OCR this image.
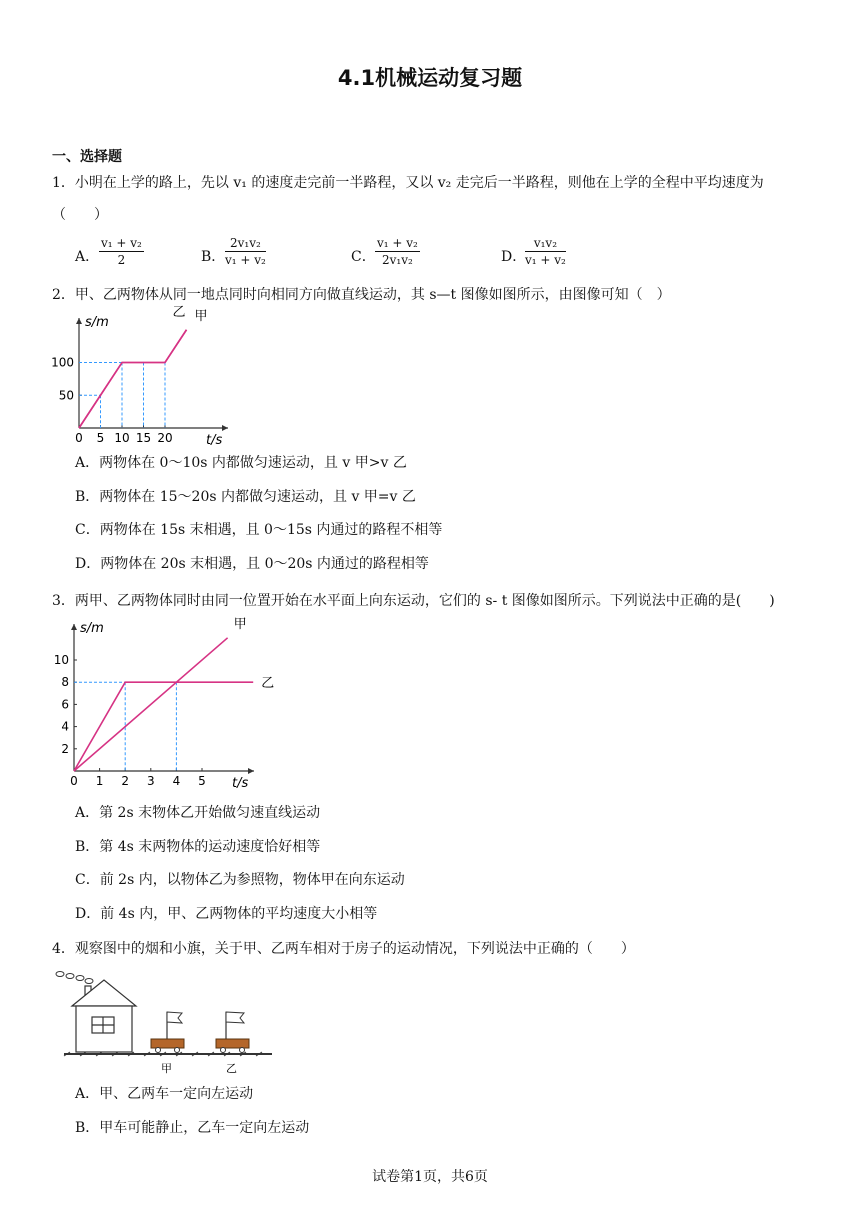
4.1机械运动复习题
一、选择题
1．小明在上学的路上，先以 v₁ 的速度走完前一半路程，又以 v₂ 走完后一半路程，则他在上学的全程中平均速度为
（　　）
A． $\frac{\text{v₁ + v₂}}{2}$	B． $\frac{\text{2v₁v₂}}{\text{v₁ + v₂}}$	C． $\frac{\text{v₁ + v₂}}{\text{2v₁v₂}}$	D．
$\frac{\text{v₁v₂}}{\text{v₁ + v₂}}$
2．甲、乙两物体从同一地点同时向相同方向做直线运动，其 s—t 图像如图所示，由图像可知（　）
s/m
t/s
0 5 10 15 20
50
100
乙 甲
A．两物体在 0～10s 内都做匀速运动，且 v 甲>v 乙
B．两物体在 15～20s 内都做匀速运动，且 v 甲=v 乙
C．两物体在 15s 末相遇，且 0～15s 内通过的路程不相等
D．两物体在 20s 末相遇，且 0～20s 内通过的路程相等
3．两甲、乙两物体同时由同一位置开始在水平面上向东运动，它们的 s- t 图像如图所示。下列说法中正确的是(　　)
s/m
t/s
0 1 2 3 4 5
2
4
6
8
10
甲
乙
A．第 2s 末物体乙开始做匀速直线运动
B．第 4s 末两物体的运动速度恰好相等
C．前 2s 内，以物体乙为参照物，物体甲在向东运动
D．前 4s 内，甲、乙两物体的平均速度大小相等
4．观察图中的烟和小旗，关于甲、乙两车相对于房子的运动情况，下列说法中正确的（　　）
甲	乙
A．甲、乙两车一定向左运动
B．甲车可能静止，乙车一定向左运动
试卷第1页，共6页
